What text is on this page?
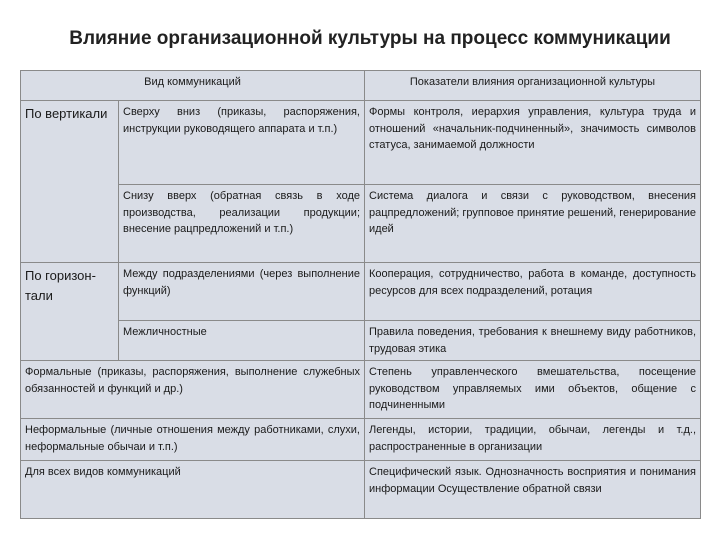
Влияние организационной культуры на процесс коммуникации
Вид коммуникаций		Показатели влияния организационной культуры
По вертикали	Сверху вниз (приказы, распоряжения, инструкции руководящего аппарата и т.п.)	Формы контроля, иерархия управления, культура труда и отношений «начальник-подчиненный», значимость символов статуса, занимаемой должности
	Снизу вверх (обратная связь в ходе производства, реализации продукции; внесение рацпредложений и т.п.)	Система диалога и связи с руководством, внесения рацпредложений; групповое принятие решений, генерирование идей
По горизон-тали	Между подразделениями (через выполнение функций)	Кооперация, сотрудничество, работа в команде, доступность ресурсов для всех подразделений, ротация
	Межличностные	Правила поведения, требования к внешнему виду работников, трудовая этика
Формальные (приказы, распоряжения, выполнение служебных обязанностей и функций и др.)		Степень управленческого вмешательства, посещение руководством управляемых ими объектов, общение с подчиненными
Неформальные (личные отношения между работниками, слухи, неформальные обычаи и т.п.)		Легенды, истории, традиции, обычаи, легенды и т.д., распространенные в организации
Для всех видов коммуникаций		Специфический язык. Однозначность восприятия и понимания информации Осуществление обратной связи
